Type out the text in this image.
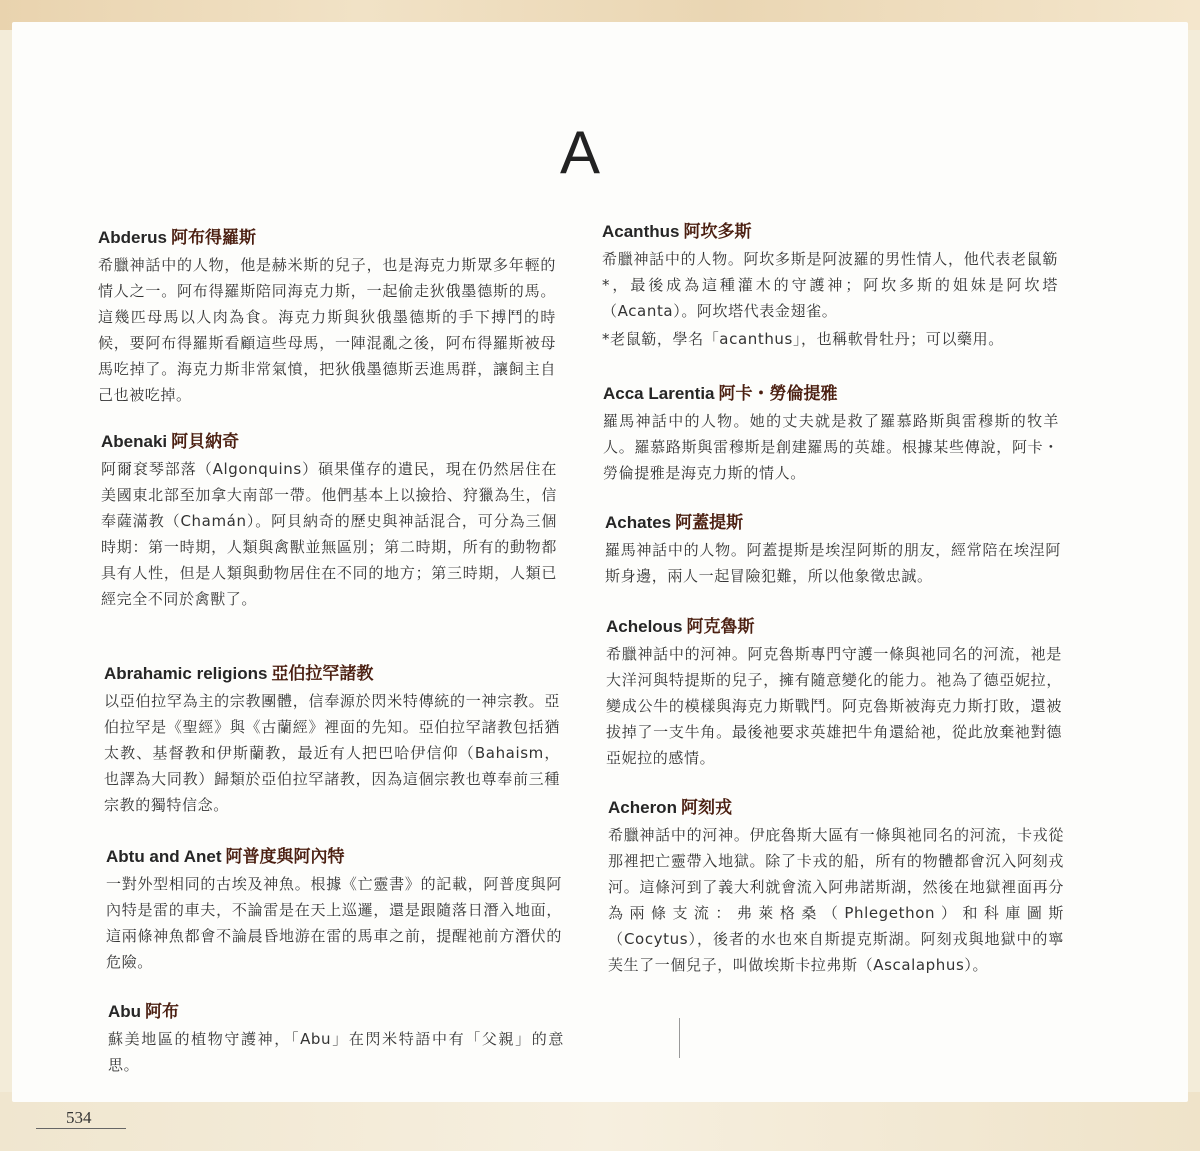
A
Abderus 阿布得羅斯

希臘神話中的人物，他是赫米斯的兒子，也是海克力斯眾多年輕的情人之一。阿布得羅斯陪同海克力斯，一起偷走狄俄墨德斯的馬。這幾匹母馬以人肉為食。海克力斯與狄俄墨德斯的手下搏鬥的時候，要阿布得羅斯看顧這些母馬，一陣混亂之後，阿布得羅斯被母馬吃掉了。海克力斯非常氣憤，把狄俄墨德斯丟進馬群，讓飼主自己也被吃掉。

Abenaki 阿貝納奇

阿爾袞琴部落（Algonquins）碩果僅存的遺民，現在仍然居住在美國東北部至加拿大南部一帶。他們基本上以撿拾、狩獵為生，信奉薩滿教（Chamán）。阿貝納奇的歷史與神話混合，可分為三個時期：第一時期，人類與禽獸並無區別；第二時期，所有的動物都具有人性，但是人類與動物居住在不同的地方；第三時期，人類已經完全不同於禽獸了。

Abrahamic religions 亞伯拉罕諸教

以亞伯拉罕為主的宗教團體，信奉源於閃米特傳統的一神宗教。亞伯拉罕是《聖經》與《古蘭經》裡面的先知。亞伯拉罕諸教包括猶太教、基督教和伊斯蘭教，最近有人把巴哈伊信仰（Bahaism，也譯為大同教）歸類於亞伯拉罕諸教，因為這個宗教也尊奉前三種宗教的獨特信念。

Abtu and Anet 阿普度與阿內特

一對外型相同的古埃及神魚。根據《亡靈書》的記載，阿普度與阿內特是雷的車夫，不論雷是在天上巡邏，還是跟隨落日潛入地面，這兩條神魚都會不論晨昏地游在雷的馬車之前，提醒祂前方潛伏的危險。

Abu 阿布

蘇美地區的植物守護神，「Abu」在閃米特語中有「父親」的意思。

Acanthus 阿坎多斯

希臘神話中的人物。阿坎多斯是阿波羅的男性情人，他代表老鼠簕*，最後成為這種灌木的守護神；阿坎多斯的姐妹是阿坎塔（Acanta）。阿坎塔代表金翅雀。

*老鼠簕，學名「acanthus」，也稱軟骨牡丹；可以藥用。

Acca Larentia 阿卡・勞倫提雅

羅馬神話中的人物。她的丈夫就是救了羅慕路斯與雷穆斯的牧羊人。羅慕路斯與雷穆斯是創建羅馬的英雄。根據某些傳說，阿卡・勞倫提雅是海克力斯的情人。

Achates 阿蓋提斯

羅馬神話中的人物。阿蓋提斯是埃涅阿斯的朋友，經常陪在埃涅阿斯身邊，兩人一起冒險犯難，所以他象徵忠誠。

Achelous 阿克魯斯

希臘神話中的河神。阿克魯斯專門守護一條與祂同名的河流，祂是大洋河與特提斯的兒子，擁有隨意變化的能力。祂為了德亞妮拉，變成公牛的模樣與海克力斯戰鬥。阿克魯斯被海克力斯打敗，還被拔掉了一支牛角。最後祂要求英雄把牛角還給祂，從此放棄祂對德亞妮拉的感情。

Acheron 阿刻戎

希臘神話中的河神。伊庇魯斯大區有一條與祂同名的河流，卡戎從那裡把亡靈帶入地獄。除了卡戎的船，所有的物體都會沉入阿刻戎河。這條河到了義大利就會流入阿弗諾斯湖，然後在地獄裡面再分為兩條支流：弗萊格桑（Phlegethon）和科庫圖斯（Cocytus），後者的水也來自斯提克斯湖。阿刻戎與地獄中的寧芙生了一個兒子，叫做埃斯卡拉弗斯（Ascalaphus）。

534
